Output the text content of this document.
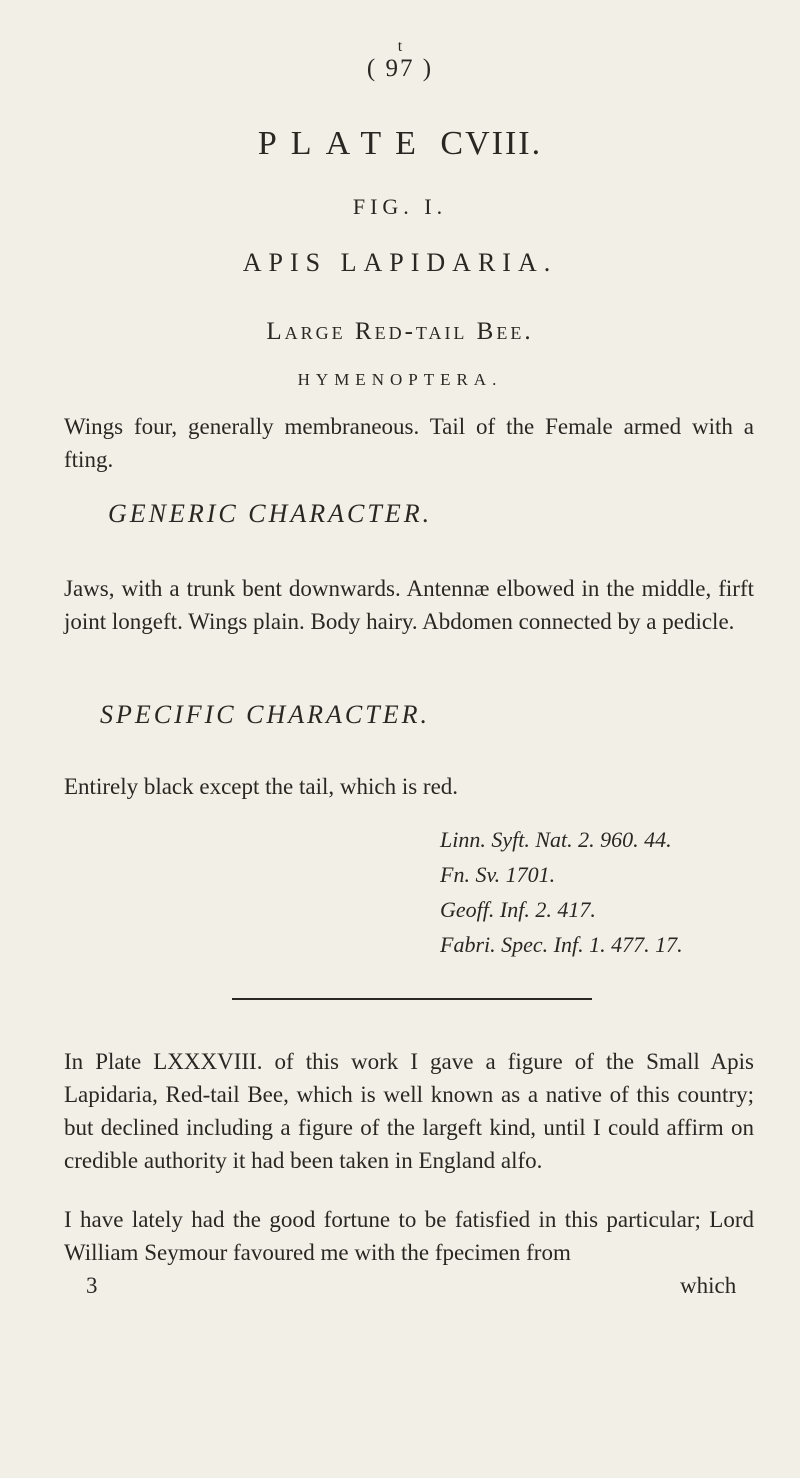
t
( 97 )
PLATE CVIII.
FIG. I.
APIS LAPIDARIA.
Large Red-tail Bee.
HYMENOPTERA.
Wings four, generally membraneous. Tail of the Female armed with a fting.
GENERIC CHARACTER.
Jaws, with a trunk bent downwards. Antennæ elbowed in the middle, firft joint longeft. Wings plain. Body hairy. Abdomen connected by a pedicle.
SPECIFIC CHARACTER.
Entirely black except the tail, which is red.
Linn. Syft. Nat. 2. 960. 44.
Fn. Sv. 1701.
Geoff. Inf. 2. 417.
Fabri. Spec. Inf. 1. 477. 17.
In Plate LXXXVIII. of this work I gave a figure of the Small Apis Lapidaria, Red-tail Bee, which is well known as a native of this country; but declined including a figure of the largeft kind, until I could affirm on credible authority it had been taken in England alfo.
I have lately had the good fortune to be fatisfied in this particular; Lord William Seymour favoured me with the fpecimen from
3	which
